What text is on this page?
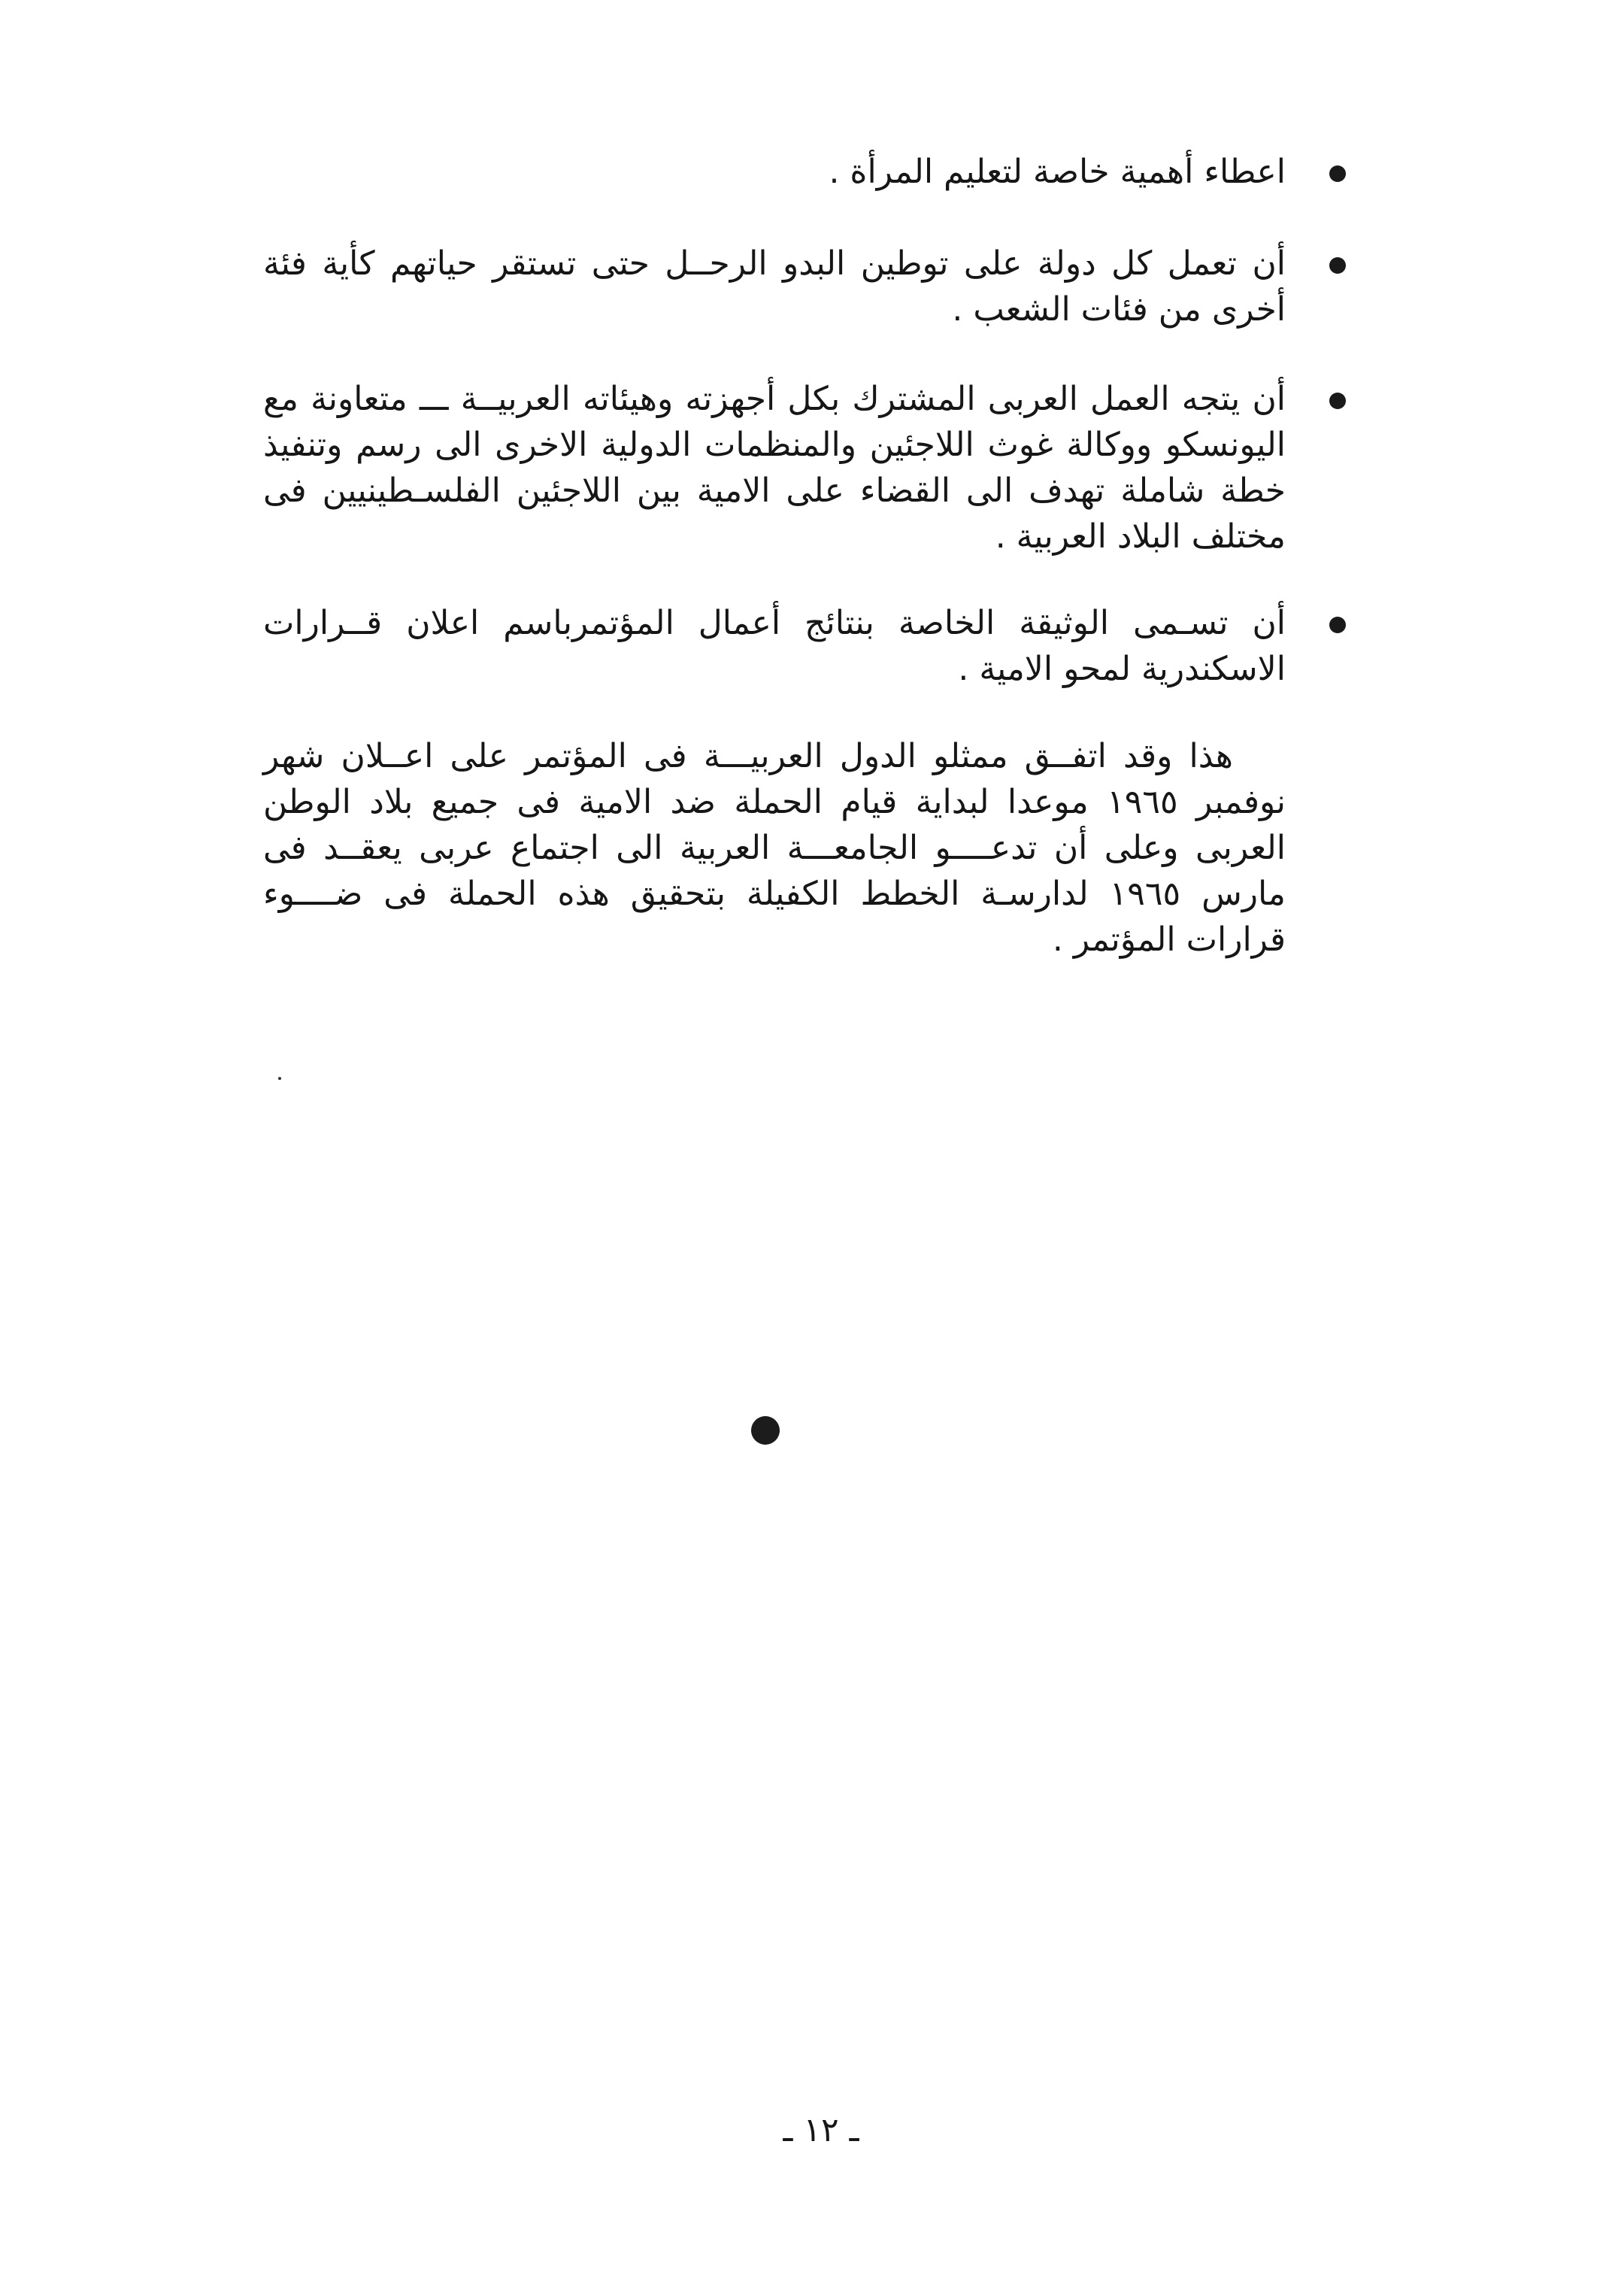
اعطاء أهمية خاصة لتعليم المرأة .
أن تعمل كل دولة على توطين البدو الرحــل حتى تستقر حياتهم كأية فئة أخرى من فئات الشعب .
أن يتجه العمل العربى المشترك بكل أجهزته وهيئاته العربيــة ـــ متعاونة مع اليونسكو ووكالة غوث اللاجئين والمنظمات الدولية الاخرى الى رسم وتنفيذ خطة شاملة تهدف الى القضاء على الامية بين اللاجئين الفلسـطينيين فى مختلف البلاد العربية .
أن تسـمى الوثيقة الخاصة بنتائج أعمال المؤتمرباسم اعلان قــرارات الاسكندرية لمحو الامية .
هذا وقد اتفــق ممثلو الدول العربيـــة فى المؤتمر على اعــلان شهر نوفمبر ١٩٦٥ موعدا لبداية قيام الحملة ضد الامية فى جميع بلاد الوطن العربى وعلى أن تدعــــو الجامعـــة العربية الى اجتماع عربى يعقــد فى مارس ١٩٦٥ لدارسـة الخطط الكفيلة بتحقيق هذه الحملة فى ضــــوء قرارات المؤتمر .
ـ ١٢ ـ
